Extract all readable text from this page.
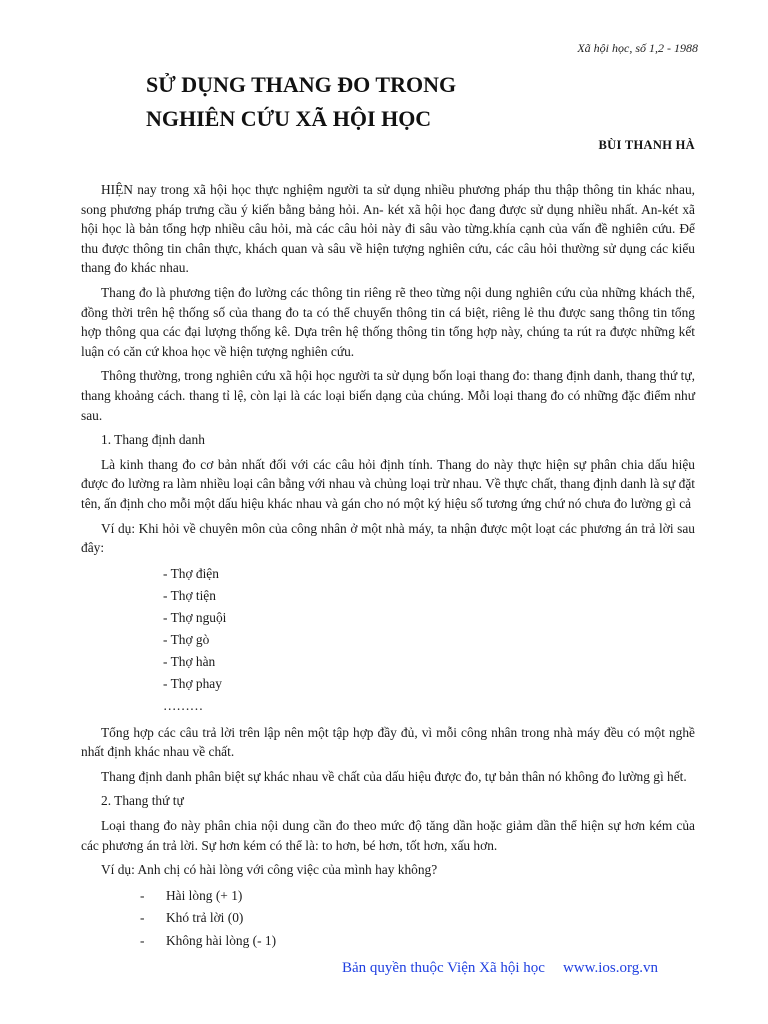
Xã hội học, số 1,2 - 1988
SỬ DỤNG THANG ĐO TRONG
NGHIÊN CỨU XÃ HỘI HỌC
BÙI THANH HÀ

HIỆN nay trong xã hội học thực nghiệm người ta sử dụng nhiều phương pháp thu thập thông tin khác nhau, song phương pháp trưng cầu ý kiến bằng bảng hỏi. An- két xã hội học đang được sử dụng nhiều nhất. An-két xã hội học là bản tổng hợp nhiều câu hỏi, mà các câu hỏi này đi sâu vào từng.khía cạnh của vấn đề nghiên cứu. Để thu được thông tin chân thực, khách quan và sâu về hiện tượng nghiên cứu, các câu hỏi thường sử dụng các kiểu thang đo khác nhau.

Thang đo là phương tiện đo lường các thông tin riêng rẽ theo từng nội dung nghiên cứu của những khách thể, đồng thời trên hệ thống số của thang đo ta có thể chuyển thông tin cá biệt, riêng lẻ thu được sang thông tin tổng hợp thông qua các đại lượng thống kê. Dựa trên hệ thống thông tin tổng hợp này, chúng ta rút ra được những kết luận có căn cứ khoa học về hiện tượng nghiên cứu.

Thông thường, trong nghiên cứu xã hội học người ta sử dụng bốn loại thang đo: thang định danh, thang thứ tự, thang khoảng cách. thang tỉ lệ, còn lại là các loại biến dạng của chúng. Mỗi loại thang đo có những đặc điểm như sau.

1. Thang định danh

Là kinh thang đo cơ bản nhất đối với các câu hỏi định tính. Thang do này thực hiện sự phân chia dấu hiệu được đo lường ra làm nhiều loại cân bằng với nhau và chủng loại trừ nhau. Về thực chất, thang định danh là sự đặt tên, ấn định cho mỗi một dấu hiệu khác nhau và gán cho nó một ký hiệu số tương ứng chứ nó chưa đo lường gì cả

Ví dụ: Khi hỏi về chuyên môn của công nhân ở một nhà máy, ta nhận được một loạt các phương án trả lời sau đây:

- Thợ điện
- Thợ tiện
- Thợ nguội
- Thợ gò
- Thợ hàn
- Thợ phay
………

Tổng hợp các câu trả lời trên lập nên một tập hợp đầy đủ, vì mỗi công nhân trong nhà máy đều có một nghề nhất định khác nhau về chất.

Thang định danh phân biệt sự khác nhau về chất của dấu hiệu được đo, tự bản thân nó không đo lường gì hết.

2. Thang thứ tự

Loại thang đo này phân chia nội dung cần đo theo mức độ tăng dần hoặc giảm dần thể hiện sự hơn kém của các phương án trả lời. Sự hơn kém có thể là: to hơn, bé hơn, tốt hơn, xấu hơn.

Ví dụ: Anh chị có hài lòng với công việc của mình hay không?

- Hài lòng (+ 1)
- Khó trả lời (0)
- Không hài lòng (- 1)
Bản quyền thuộc Viện Xã hội học www.ios.org.vn
